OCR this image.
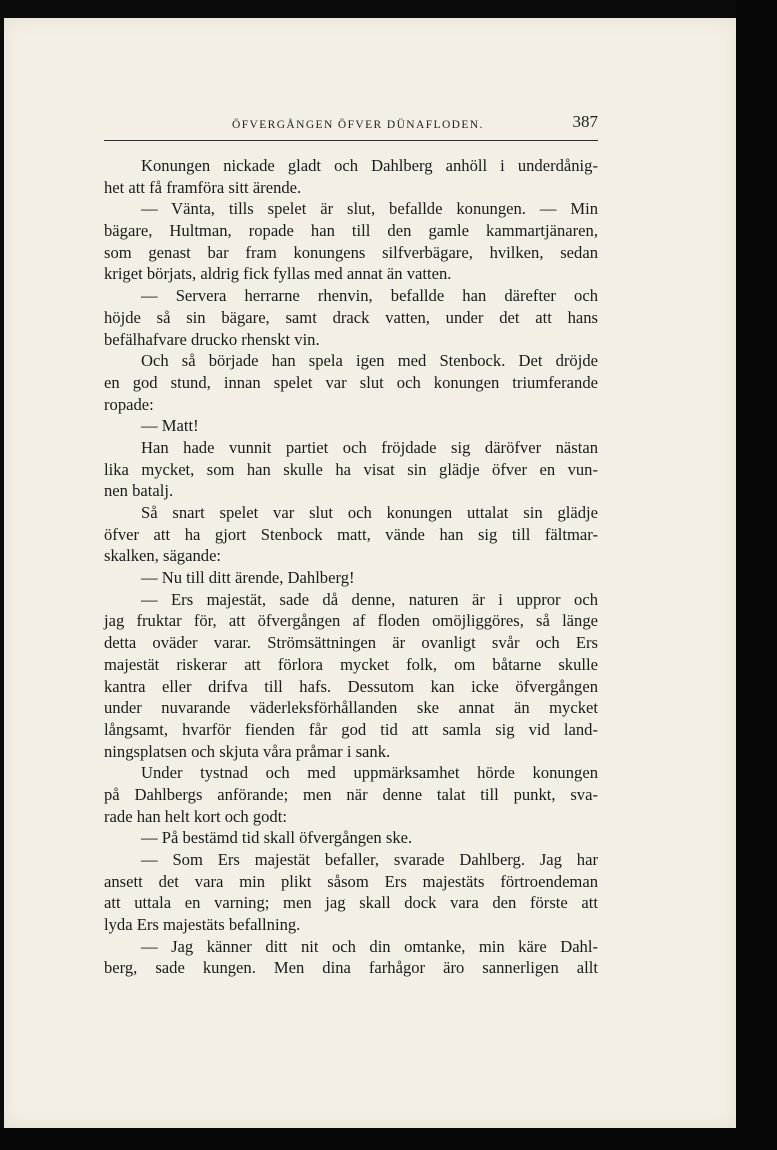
ÖFVERGÅNGEN ÖFVER DÜNAFLODEN.	387
Konungen nickade gladt och Dahlberg anhöll i underdånig-
het att få framföra sitt ärende.
— Vänta, tills spelet är slut, befallde konungen. — Min
bägare, Hultman, ropade han till den gamle kammartjänaren,
som genast bar fram konungens silfverbägare, hvilken, sedan
kriget börjats, aldrig fick fyllas med annat än vatten.
— Servera herrarne rhenvin, befallde han därefter och
höjde så sin bägare, samt drack vatten, under det att hans
befälhafvare drucko rhenskt vin.
Och så började han spela igen med Stenbock. Det dröjde
en god stund, innan spelet var slut och konungen triumferande
ropade:
— Matt!
Han hade vunnit partiet och fröjdade sig däröfver nästan
lika mycket, som han skulle ha visat sin glädje öfver en vun-
nen batalj.
Så snart spelet var slut och konungen uttalat sin glädje
öfver att ha gjort Stenbock matt, vände han sig till fältmar-
skalken, sägande:
— Nu till ditt ärende, Dahlberg!
— Ers majestät, sade då denne, naturen är i uppror och
jag fruktar för, att öfvergången af floden omöjliggöres, så länge
detta oväder varar. Strömsättningen är ovanligt svår och Ers
majestät riskerar att förlora mycket folk, om båtarne skulle
kantra eller drifva till hafs. Dessutom kan icke öfvergången
under nuvarande väderleksförhållanden ske annat än mycket
långsamt, hvarför fienden får god tid att samla sig vid land-
ningsplatsen och skjuta våra pråmar i sank.
Under tystnad och med uppmärksamhet hörde konungen
på Dahlbergs anförande; men när denne talat till punkt, sva-
rade han helt kort och godt:
— På bestämd tid skall öfvergången ske.
— Som Ers majestät befaller, svarade Dahlberg. Jag har
ansett det vara min plikt såsom Ers majestäts förtroendeman
att uttala en varning; men jag skall dock vara den förste att
lyda Ers majestäts befallning.
— Jag känner ditt nit och din omtanke, min käre Dahl-
berg, sade kungen. Men dina farhågor äro sannerligen allt
